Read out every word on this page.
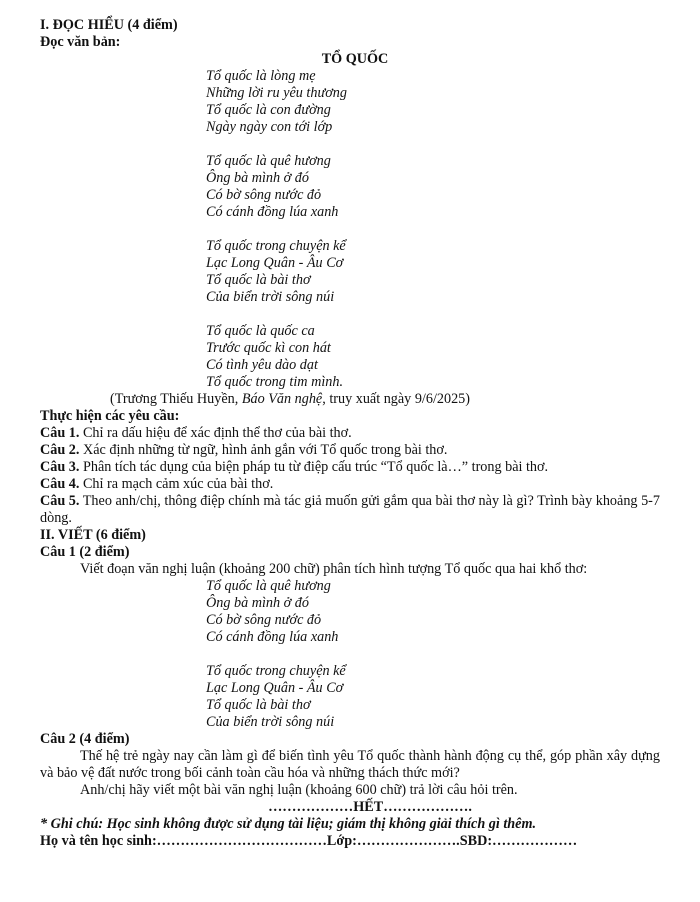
I. ĐỌC HIỂU (4 điểm)
Đọc văn bản:
TỔ QUỐC
Tổ quốc là lòng mẹ
Những lời ru yêu thương
Tổ quốc là con đường
Ngày ngày con tới lớp
Tổ quốc là quê hương
Ông bà mình ở đó
Có bờ sông nước đỏ
Có cánh đồng lúa xanh
Tổ quốc trong chuyện kể
Lạc Long Quân - Âu Cơ
Tổ quốc là bài thơ
Của biển trời sông núi
Tổ quốc là quốc ca
Trước quốc kì con hát
Có tình yêu dào dạt
Tổ quốc trong tim mình.
(Trương Thiếu Huyền, Báo Văn nghệ, truy xuất ngày 9/6/2025)
Thực hiện các yêu cầu:
Câu 1. Chỉ ra dấu hiệu để xác định thể thơ của bài thơ.
Câu 2. Xác định những từ ngữ, hình ảnh gắn với Tổ quốc trong bài thơ.
Câu 3. Phân tích tác dụng của biện pháp tu từ điệp cấu trúc “Tổ quốc là…” trong bài thơ.
Câu 4. Chỉ ra mạch cảm xúc của bài thơ.
Câu 5. Theo anh/chị, thông điệp chính mà tác giả muốn gửi gắm qua bài thơ này là gì? Trình bày khoảng 5-7 dòng.
II. VIẾT (6 điểm)
Câu 1 (2 điểm)
Viết đoạn văn nghị luận (khoảng 200 chữ) phân tích hình tượng Tổ quốc qua hai khổ thơ:
Tổ quốc là quê hương
Ông bà mình ở đó
Có bờ sông nước đỏ
Có cánh đồng lúa xanh
Tổ quốc trong chuyện kể
Lạc Long Quân - Âu Cơ
Tổ quốc là bài thơ
Của biển trời sông núi
Câu 2 (4 điểm)
Thế hệ trẻ ngày nay cần làm gì để biến tình yêu Tổ quốc thành hành động cụ thể, góp phần xây dựng và bảo vệ đất nước trong bối cảnh toàn cầu hóa và những thách thức mới?
Anh/chị hãy viết một bài văn nghị luận (khoảng 600 chữ) trả lời câu hỏi trên.
………………HẾT……………….
* Ghi chú: Học sinh không được sử dụng tài liệu; giám thị không giải thích gì thêm.
Họ và tên học sinh:………………………………Lớp:………………….SBD:………………
